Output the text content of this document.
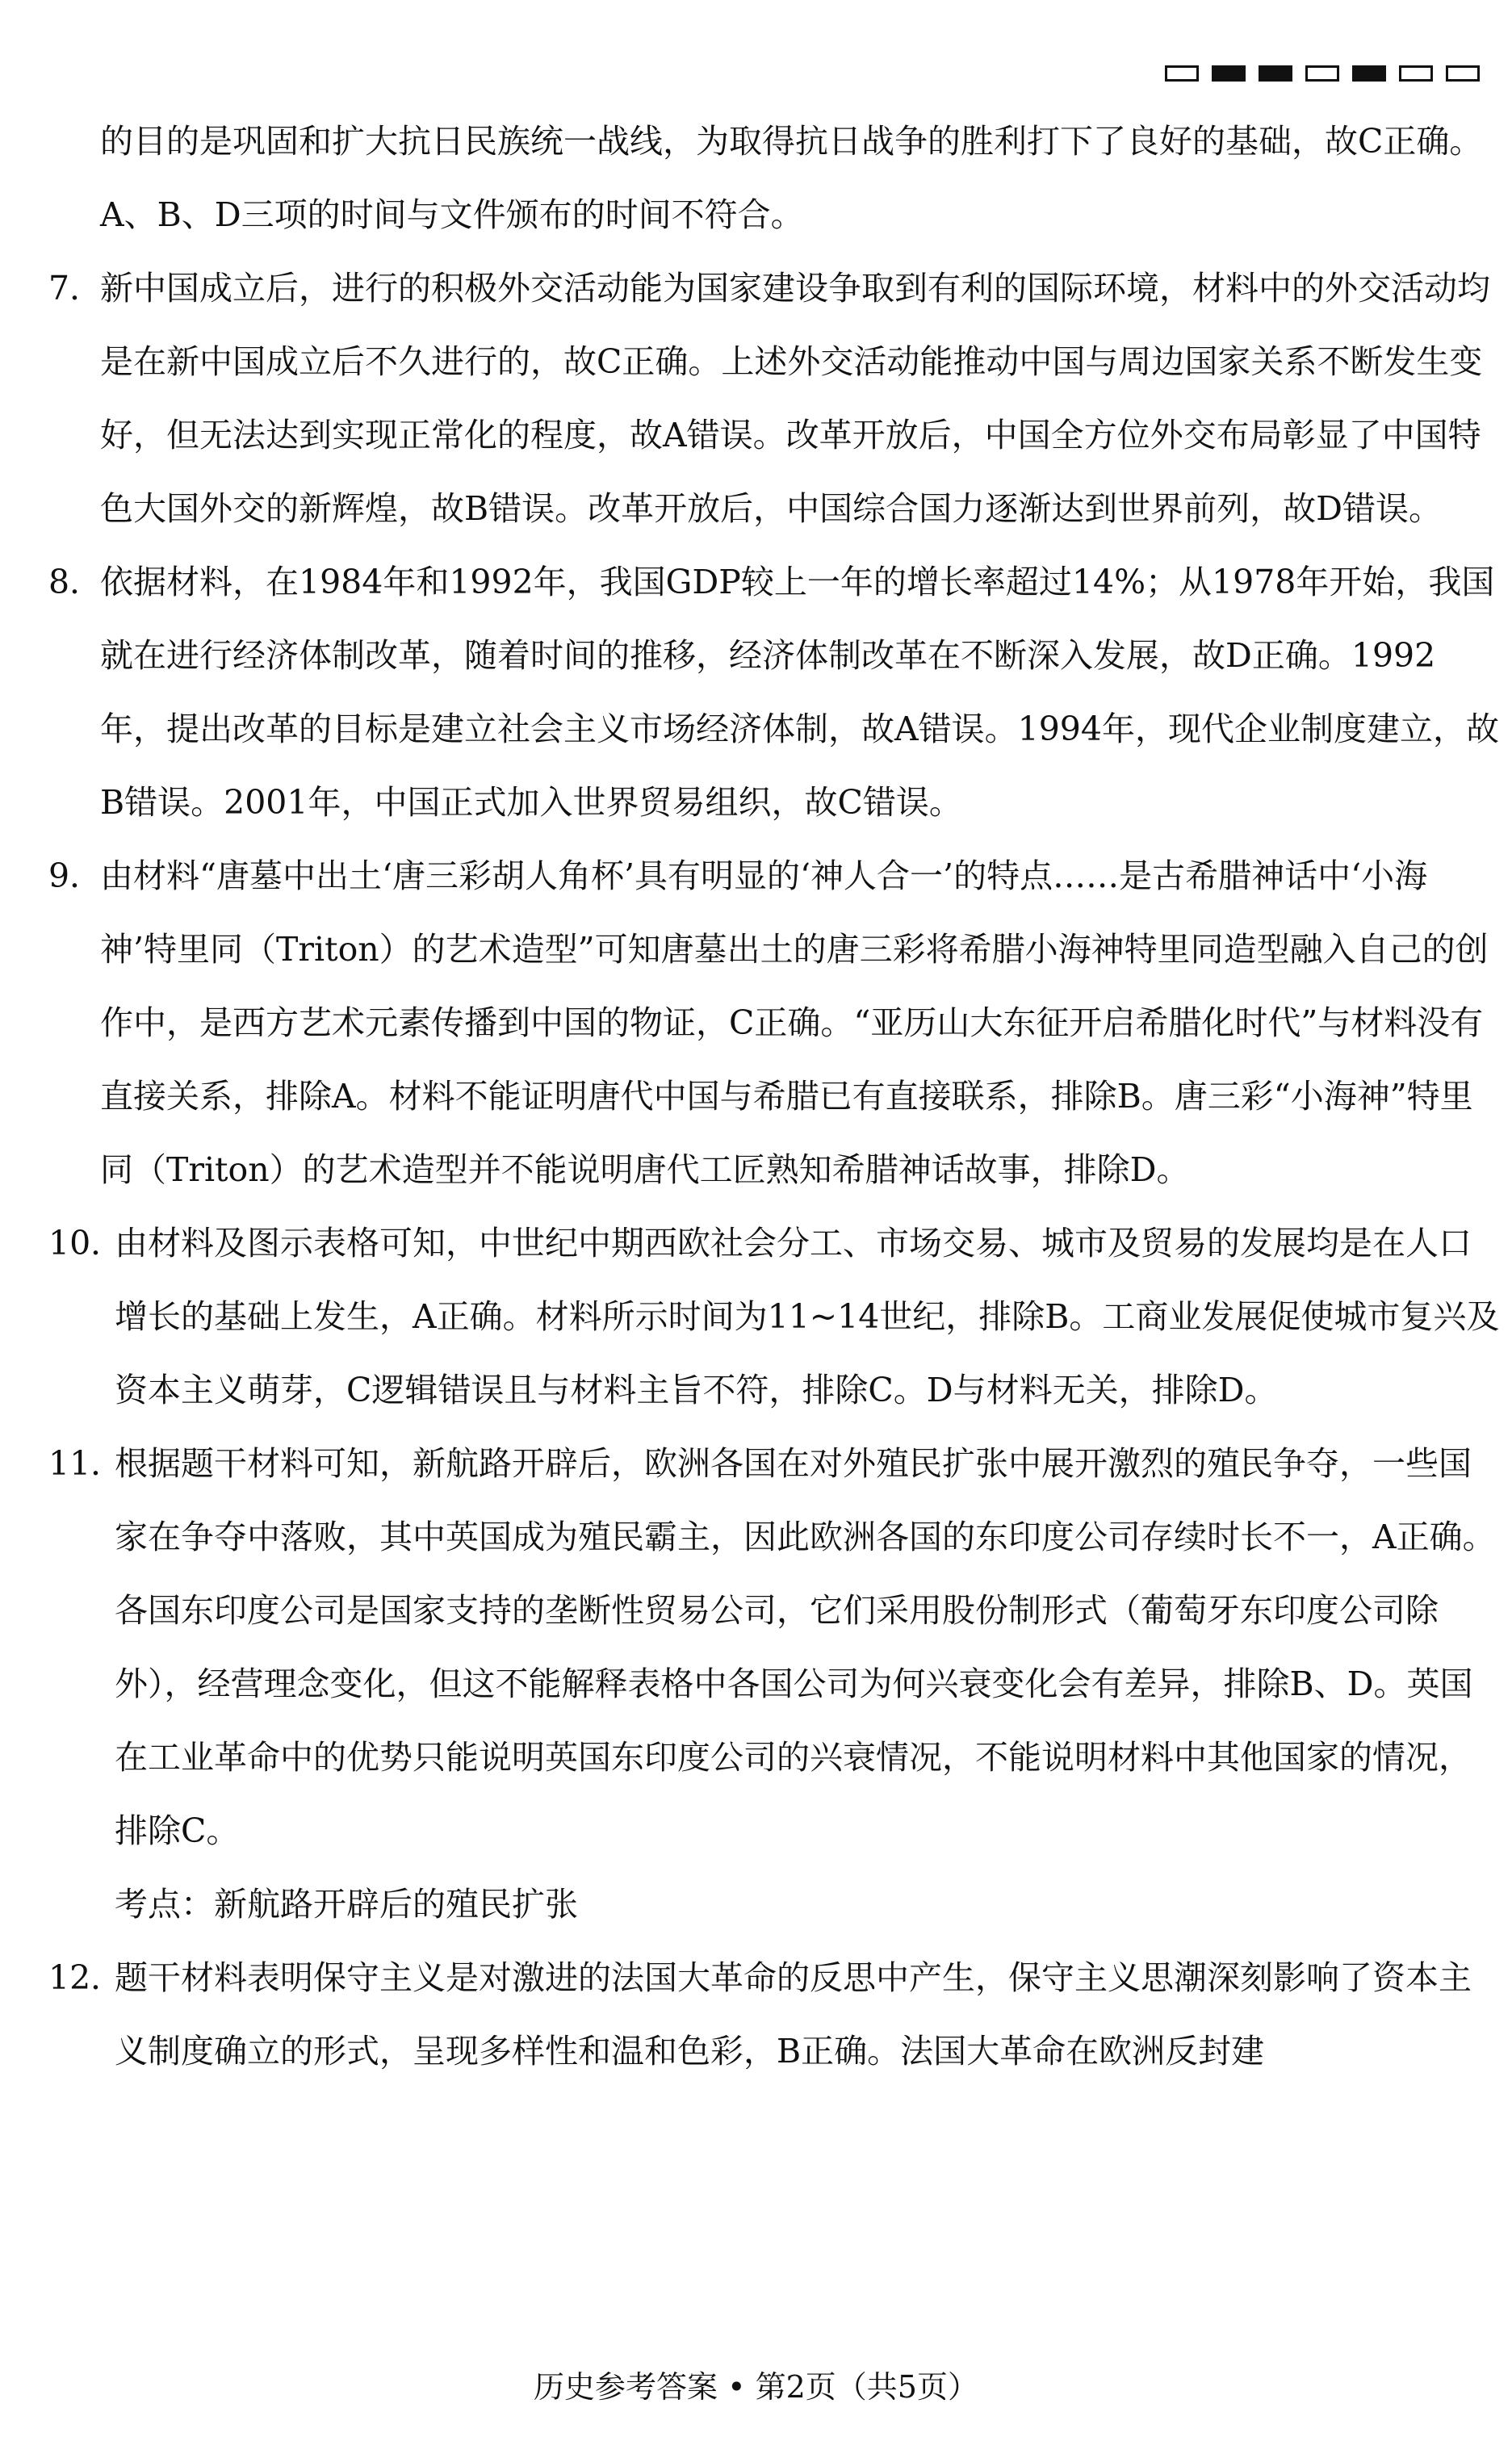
的目的是巩固和扩大抗日民族统一战线，为取得抗日战争的胜利打下了良好的基础，故C正确。A、B、D三项的时间与文件颁布的时间不符合。

7．
新中国成立后，进行的积极外交活动能为国家建设争取到有利的国际环境，材料中的外交活动均是在新中国成立后不久进行的，故C正确。上述外交活动能推动中国与周边国家关系不断发生变好，但无法达到实现正常化的程度，故A错误。改革开放后，中国全方位外交布局彰显了中国特色大国外交的新辉煌，故B错误。改革开放后，中国综合国力逐渐达到世界前列，故D错误。
8．
依据材料，在1984年和1992年，我国GDP较上一年的增长率超过14%；从1978年开始，我国就在进行经济体制改革，随着时间的推移，经济体制改革在不断深入发展，故D正确。1992年，提出改革的目标是建立社会主义市场经济体制，故A错误。1994年，现代企业制度建立，故B错误。2001年，中国正式加入世界贸易组织，故C错误。
9．
由材料“唐墓中出土‘唐三彩胡人角杯’具有明显的‘神人合一’的特点……是古希腊神话中‘小海神’特里同（Triton）的艺术造型”可知唐墓出土的唐三彩将希腊小海神特里同造型融入自己的创作中，是西方艺术元素传播到中国的物证，C正确。“亚历山大东征开启希腊化时代”与材料没有直接关系，排除A。材料不能证明唐代中国与希腊已有直接联系，排除B。唐三彩“小海神”特里同（Triton）的艺术造型并不能说明唐代工匠熟知希腊神话故事，排除D。
10．
由材料及图示表格可知，中世纪中期西欧社会分工、市场交易、城市及贸易的发展均是在人口增长的基础上发生，A正确。材料所示时间为11~14世纪，排除B。工商业发展促使城市复兴及资本主义萌芽，C逻辑错误且与材料主旨不符，排除C。D与材料无关，排除D。
11．
根据题干材料可知，新航路开辟后，欧洲各国在对外殖民扩张中展开激烈的殖民争夺，一些国家在争夺中落败，其中英国成为殖民霸主，因此欧洲各国的东印度公司存续时长不一，A正确。各国东印度公司是国家支持的垄断性贸易公司，它们采用股份制形式（葡萄牙东印度公司除外），经营理念变化，但这不能解释表格中各国公司为何兴衰变化会有差异，排除B、D。英国在工业革命中的优势只能说明英国东印度公司的兴衰情况，不能说明材料中其他国家的情况，排除C。

考点：新航路开辟后的殖民扩张

12．
题干材料表明保守主义是对激进的法国大革命的反思中产生，保守主义思潮深刻影响了资本主义制度确立的形式，呈现多样性和温和色彩，B正确。法国大革命在欧洲反封建
历史参考答案 • 第2页（共5页）
